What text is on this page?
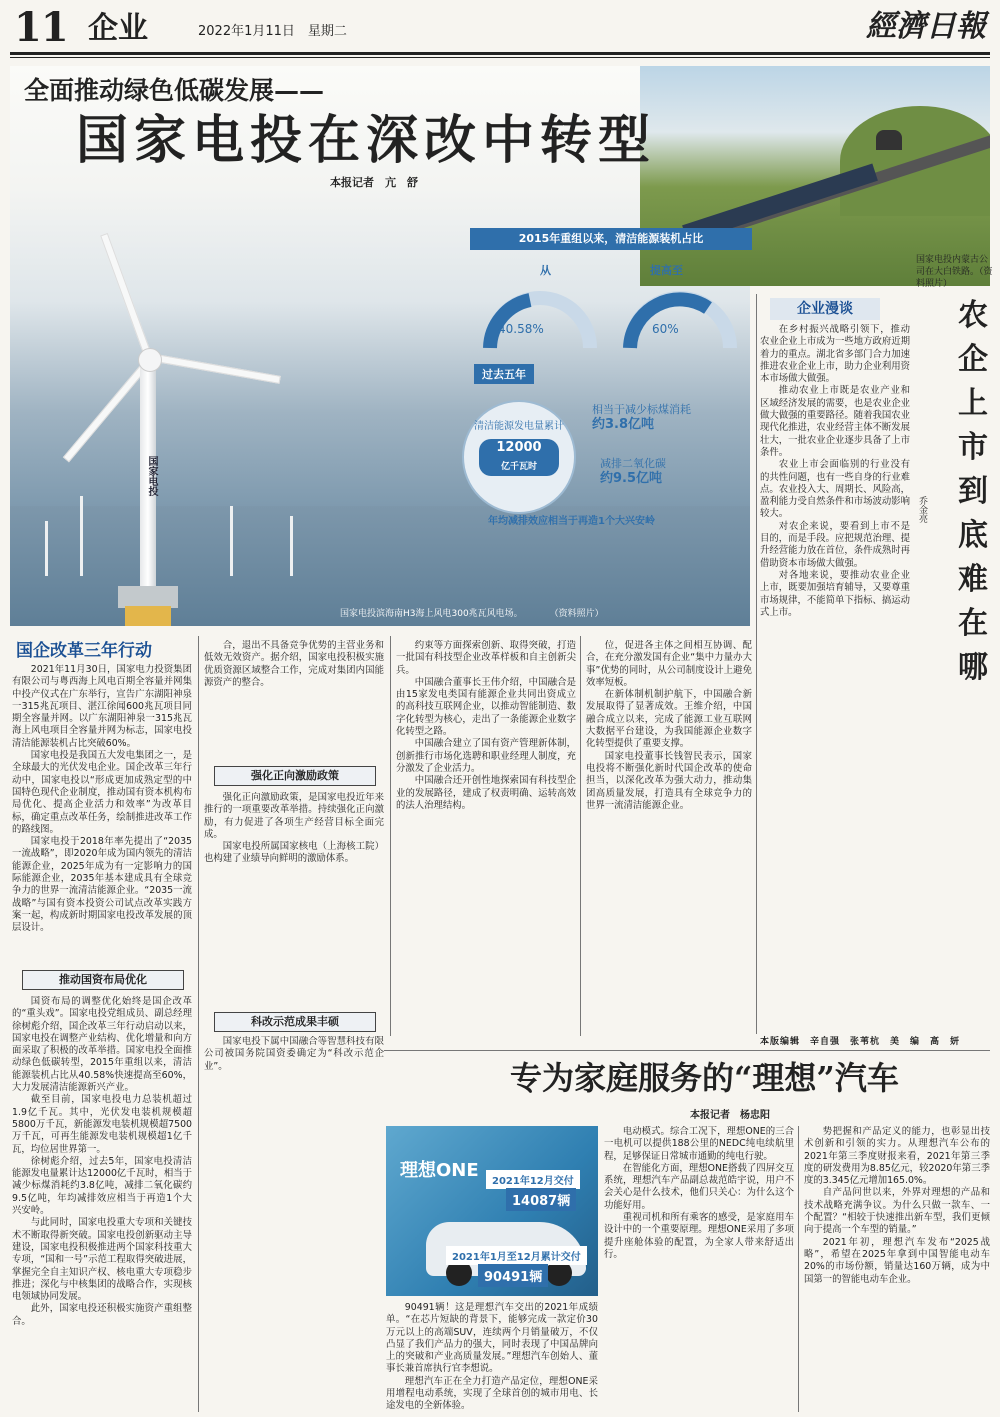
11 企业	2022年1月11日　星期二	經濟日報
国家电投
国家电投滨海南H3海上风电300兆瓦风电场。　　　　（资料照片）
国家电投内蒙古公司在大白铁路。（资料照片）
全面推动绿色低碳发展——
国家电投在深改中转型
本报记者　亢　舒
2015年重组以来，清洁能源装机占比
从	提高至
40.58%	60%
过去五年
清洁能源发电量累计
12000
亿千瓦时
相当于减少标煤消耗
约3.8亿吨
减排二氧化碳
约9.5亿吨
年均减排效应相当于再造1个大兴安岭
企业漫谈	农企上市到底难在哪
乔金亮

在乡村振兴战略引领下，推动农业企业上市成为一些地方政府近期着力的重点。湖北省多部门合力加速推进农业企业上市，助力企业利用资本市场做大做强。

推动农业上市既是农业产业和区域经济发展的需要，也是农业企业做大做强的重要路径。随着我国农业现代化推进，农业经营主体不断发展壮大，一批农业企业逐步具备了上市条件。

农业上市会面临别的行业没有的共性问题，也有一些自身的行业难点。农业投入大、周期长、风险高，盈利能力受自然条件和市场波动影响较大。

对农企来说，要看到上市不是目的，而是手段。应把规范治理、提升经营能力放在首位，条件成熟时再借助资本市场做大做强。

对各地来说，要推动农业企业上市，既要加强培育辅导，又要尊重市场规律，不能简单下指标、搞运动式上市。

本版编辑　辛自强　张苇杭　美　编　高　妍
国企改革三年行动

2021年11月30日，国家电力投资集团有限公司与粤西海上风电百期全容量并网集中投产仪式在广东举行，宣告广东湖阳神泉一315兆瓦项目、湛江徐闻600兆瓦项目同期全容量并网。以广东湖阳神泉一315兆瓦海上风电项目全容量并网为标志，国家电投清洁能源装机占比突破60%。

国家电投是我国五大发电集团之一，是全球最大的光伏发电企业。国企改革三年行动中，国家电投以“形成更加成熟定型的中国特色现代企业制度，推动国有资本机构布局优化、提高企业活力和效率”为改革目标，确定重点改革任务，绘制推进改革工作的路线图。

国家电投于2018年率先提出了“2035一流战略”，即2020年成为国内领先的清洁能源企业，2025年成为有一定影响力的国际能源企业，2035年基本建成具有全球竞争力的世界一流清洁能源企业。“2035一流战略”与国有资本投资公司试点改革实践方案一起，构成新时期国家电投改革发展的顶层设计。

推动国资布局优化

国资布局的调整优化始终是国企改革的“重头戏”。国家电投党组成员、副总经理徐树彪介绍，国企改革三年行动启动以来，国家电投在调整产业结构、优化增量和向方面采取了积极的改革举措。国家电投全面推动绿色低碳转型，2015年重组以来，清洁能源装机占比从40.58%快速提高至60%，大力发展清洁能源新兴产业。

截至目前，国家电投电力总装机超过1.9亿千瓦。其中，光伏发电装机规模超5800万千瓦，新能源发电装机规模超7500万千瓦，可再生能源发电装机规模超1亿千瓦，均位居世界第一。

徐树彪介绍，过去5年，国家电投清洁能源发电量累计达12000亿千瓦时，相当于减少标煤消耗约3.8亿吨，减排二氧化碳约9.5亿吨，年均减排效应相当于再造1个大兴安岭。

与此同时，国家电投重大专项和关键技术不断取得新突破。国家电投创新驱动主导建设，国家电投积极推进两个国家科技重大专项，“国和一号”示范工程取得突破进展，掌握完全自主知识产权、核电重大专项稳步推进；深化与中核集团的战略合作，实现核电领域协同发展。

此外，国家电投还积极实施资产重组整合。

合，退出不具备竞争优势的主营业务和低效无效资产。据介绍，国家电投积极实施优质资源区域整合工作，完成对集团内国能源资产的整合。

强化正向激励政策

强化正向激励政策，是国家电投近年来推行的一项重要改革举措。持续强化正向激励，有力促进了各项生产经营目标全面完成。

国家电投所属国家核电（上海核工院）也构建了业绩导向鲜明的激励体系。

科改示范成果丰硕

国家电投下属中国融合等智慧科技有限公司被国务院国资委确定为“科改示范企业”。

约束等方面探索创新、取得突破，打造一批国有科技型企业改革样板和自主创新尖兵。

中国融合董事长王伟介绍，中国融合是由15家发电类国有能源企业共同出资成立的高科技互联网企业，以推动智能制造、数字化转型为核心，走出了一条能源企业数字化转型之路。

中国融合建立了国有资产管理新体制，创新推行市场化选聘和职业经理人制度，充分激发了企业活力。

中国融合还开创性地探索国有科技型企业的发展路径，建成了权责明确、运转高效的法人治理结构。

位，促进各主体之间相互协调、配合，在充分激发国有企业“集中力量办大事”优势的同时，从公司制度设计上避免效率短板。

在新体制机制护航下，中国融合新发展取得了显著成效。王维介绍，中国融合成立以来，完成了能源工业互联网大数据平台建设，为我国能源企业数字化转型提供了重要支撑。

国家电投董事长钱智民表示，国家电投将不断强化新时代国企改革的使命担当，以深化改革为强大动力，推动集团高质量发展，打造具有全球竞争力的世界一流清洁能源企业。

专为家庭服务的“理想”汽车
本报记者　杨忠阳
理想ONE
2021年12月交付
14087辆
2021年1月至12月累计交付
90491辆

90491辆！这是理想汽车交出的2021年成绩单。“在芯片短缺的背景下，能够完成一款定价30万元以上的高端SUV，连续两个月销量破万，不仅凸显了我们产品力的强大，同时表现了中国品牌向上的突破和产业高质量发展。”理想汽车创始人、董事长兼首席执行官李想说。

理想汽车正在全力打造产品定位，理想ONE采用增程电动系统，实现了全球首创的城市用电、长途发电的全新体验。

电动模式。综合工况下，理想ONE的三合一电机可以提供188公里的NEDC纯电续航里程，足够保证日常城市通勤的纯电行驶。

在智能化方面，理想ONE搭载了四屏交互系统，理想汽车产品副总裁范皓宇说，用户不会关心是什么技术，他们只关心：为什么这个功能好用。

重视司机和所有乘客的感受，是家庭用车设计中的一个重要原理。理想ONE采用了多项提升座舱体验的配置，为全家人带来舒适出行。

势把握和产品定义的能力，也彰显出技术创新和引领的实力。从理想汽车公布的2021年第三季度财报来看，2021年第三季度的研发费用为8.85亿元，较2020年第三季度的3.345亿元增加165.0%。

自产品问世以来，外界对理想的产品和技术战略充满争议。为什么只做一款车、一个配置？“相较于快速推出新车型，我们更倾向于提高一个车型的销量。”

2021年初，理想汽车发布“2025战略”，希望在2025年拿到中国智能电动车20%的市场份额，销量达160万辆，成为中国第一的智能电动车企业。
